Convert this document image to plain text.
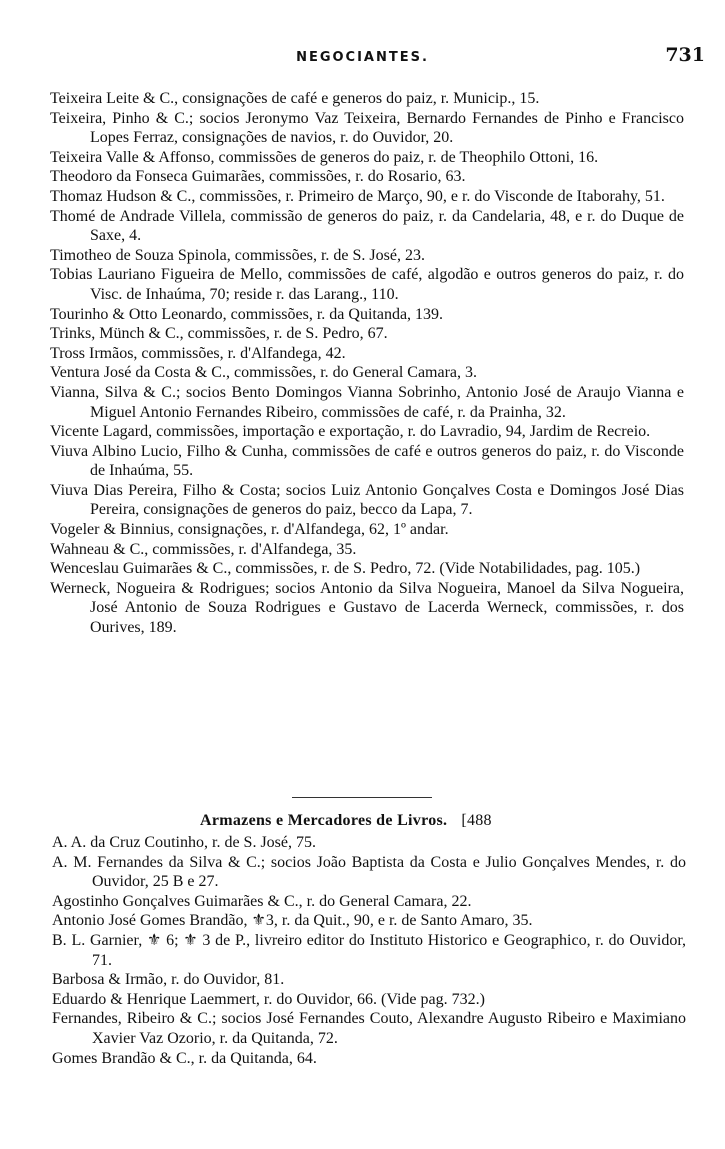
NEGOCIANTES.	731
Teixeira Leite & C., consignações de café e generos do paiz, r. Municip., 15.
Teixeira, Pinho & C.; socios Jeronymo Vaz Teixeira, Bernardo Fernandes de Pinho e Francisco Lopes Ferraz, consignações de navios, r. do Ouvidor, 20.
Teixeira Valle & Affonso, commissões de generos do paiz, r. de Theophilo Ottoni, 16.
Theodoro da Fonseca Guimarães, commissões, r. do Rosario, 63.
Thomaz Hudson & C., commissões, r. Primeiro de Março, 90, e r. do Visconde de Itaborahy, 51.
Thomé de Andrade Villela, commissão de generos do paiz, r. da Candelaria, 48, e r. do Duque de Saxe, 4.
Timotheo de Souza Spinola, commissões, r. de S. José, 23.
Tobias Lauriano Figueira de Mello, commissões de café, algodão e outros generos do paiz, r. do Visc. de Inhaúma, 70; reside r. das Larang., 110.
Tourinho & Otto Leonardo, commissões, r. da Quitanda, 139.
Trinks, Münch & C., commissões, r. de S. Pedro, 67.
Tross Irmãos, commissões, r. d'Alfandega, 42.
Ventura José da Costa & C., commissões, r. do General Camara, 3.
Vianna, Silva & C.; socios Bento Domingos Vianna Sobrinho, Antonio José de Araujo Vianna e Miguel Antonio Fernandes Ribeiro, commissões de café, r. da Prainha, 32.
Vicente Lagard, commissões, importação e exportação, r. do Lavradio, 94, Jardim de Recreio.
Viuva Albino Lucio, Filho & Cunha, commissões de café e outros generos do paiz, r. do Visconde de Inhaúma, 55.
Viuva Dias Pereira, Filho & Costa; socios Luiz Antonio Gonçalves Costa e Domingos José Dias Pereira, consignações de generos do paiz, becco da Lapa, 7.
Vogeler & Binnius, consignações, r. d'Alfandega, 62, 1º andar.
Wahneau & C., commissões, r. d'Alfandega, 35.
Wenceslau Guimarães & C., commissões, r. de S. Pedro, 72. (Vide Notabilidades, pag. 105.)
Werneck, Nogueira & Rodrigues; socios Antonio da Silva Nogueira, Manoel da Silva Nogueira, José Antonio de Souza Rodrigues e Gustavo de Lacerda Werneck, commissões, r. dos Ourives, 189.
Armazens e Mercadores de Livros. [488
A. A. da Cruz Coutinho, r. de S. José, 75.
A. M. Fernandes da Silva & C.; socios João Baptista da Costa e Julio Gonçalves Mendes, r. do Ouvidor, 25 B e 27.
Agostinho Gonçalves Guimarães & C., r. do General Camara, 22.
Antonio José Gomes Brandão, ⚜3, r. da Quit., 90, e r. de Santo Amaro, 35.
B. L. Garnier, ⚜ 6; ⚜ 3 de P., livreiro editor do Instituto Historico e Geographico, r. do Ouvidor, 71.
Barbosa & Irmão, r. do Ouvidor, 81.
Eduardo & Henrique Laemmert, r. do Ouvidor, 66. (Vide pag. 732.)
Fernandes, Ribeiro & C.; socios José Fernandes Couto, Alexandre Augusto Ribeiro e Maximiano Xavier Vaz Ozorio, r. da Quitanda, 72.
Gomes Brandão & C., r. da Quitanda, 64.
